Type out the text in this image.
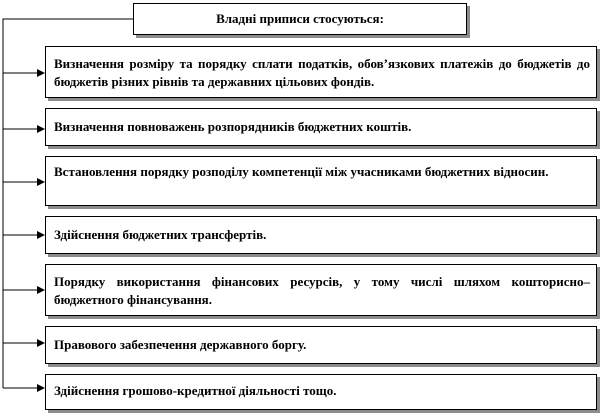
Владні приписи стосуються:
Визначення розміру та порядку сплати податків, обов’язкових платежів до бюджетів до бюджетів різних рівнів та державних цільових фондів.
Визначення повноважень розпорядників бюджетних коштів.
Встановлення порядку розподілу компетенції між учасниками бюджетних відносин.
Здійснення бюджетних трансфертів.
Порядку використання фінансових ресурсів, у тому числі шляхом кошторисно–бюджетного фінансування.
Правового забезпечення державного боргу.
Здійснення грошово-кредитної діяльності тощо.
